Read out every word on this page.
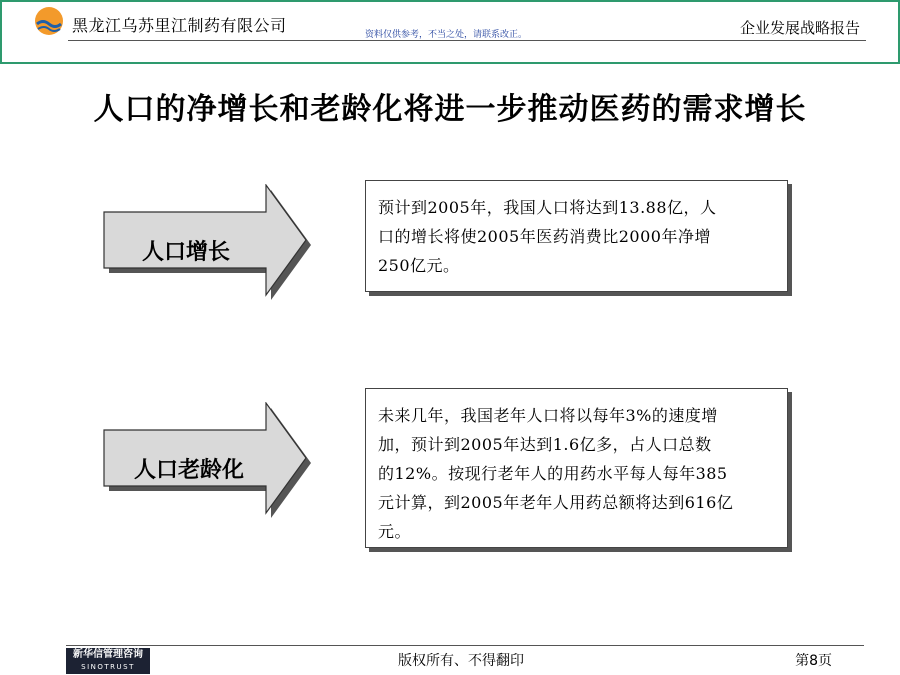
黑龙江乌苏里江制药有限公司	企业发展战略报告
资料仅供参考，不当之处，请联系改正。
人口的净增长和老龄化将进一步推动医药的需求增长
人口增长
预计到2005年，我国人口将达到13.88亿，人
口的增长将使2005年医药消费比2000年净增
250亿元。
人口老龄化
未来几年，我国老年人口将以每年3%的速度增
加，预计到2005年达到1.6亿多，占人口总数
的12%。按现行老年人的用药水平每人每年385
元计算，到2005年老年人用药总额将达到616亿
元。
新华信管理咨询
SINOTRUST	版权所有、不得翻印	第8页
